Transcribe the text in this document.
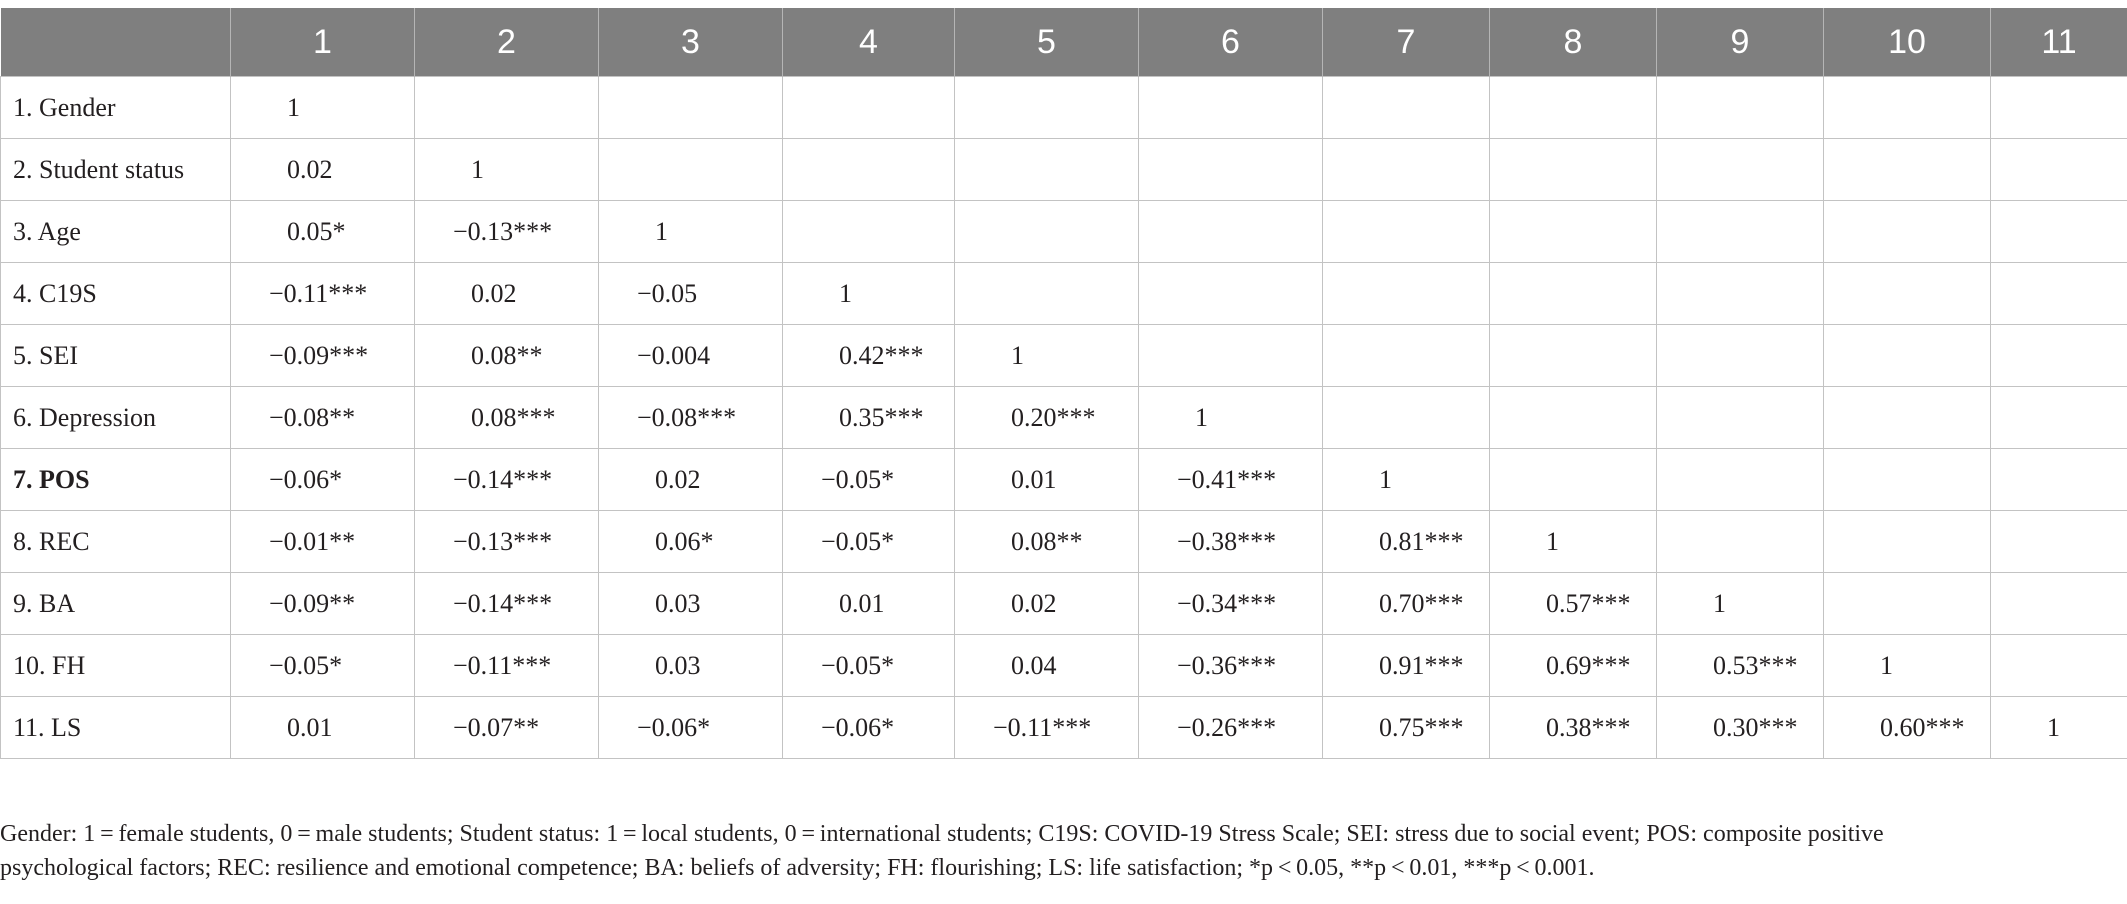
	1	2	3	4	5	6	7	8	9	10	11
1. Gender	1										
2. Student status	0.02	1									
3. Age	0.05*	−0.13***	1								
4. C19S	−0.11***	0.02	−0.05	1							
5. SEI	−0.09***	0.08**	−0.004	0.42***	1						
6. Depression	−0.08**	0.08***	−0.08***	0.35***	0.20***	1					
7. POS	−0.06*	−0.14***	0.02	−0.05*	0.01	−0.41***	1				
8. REC	−0.01**	−0.13***	0.06*	−0.05*	0.08**	−0.38***	0.81***	1			
9. BA	−0.09**	−0.14***	0.03	0.01	0.02	−0.34***	0.70***	0.57***	1		
10. FH	−0.05*	−0.11***	0.03	−0.05*	0.04	−0.36***	0.91***	0.69***	0.53***	1	
11. LS	0.01	−0.07**	−0.06*	−0.06*	−0.11***	−0.26***	0.75***	0.38***	0.30***	0.60***	1
Gender: 1 = female students, 0 = male students; Student status: 1 = local students, 0 = international students; C19S: COVID-19 Stress Scale; SEI: stress due to social event; POS: composite positive
psychological factors; REC: resilience and emotional competence; BA: beliefs of adversity; FH: flourishing; LS: life satisfaction; *p < 0.05, **p < 0.01, ***p < 0.001.
